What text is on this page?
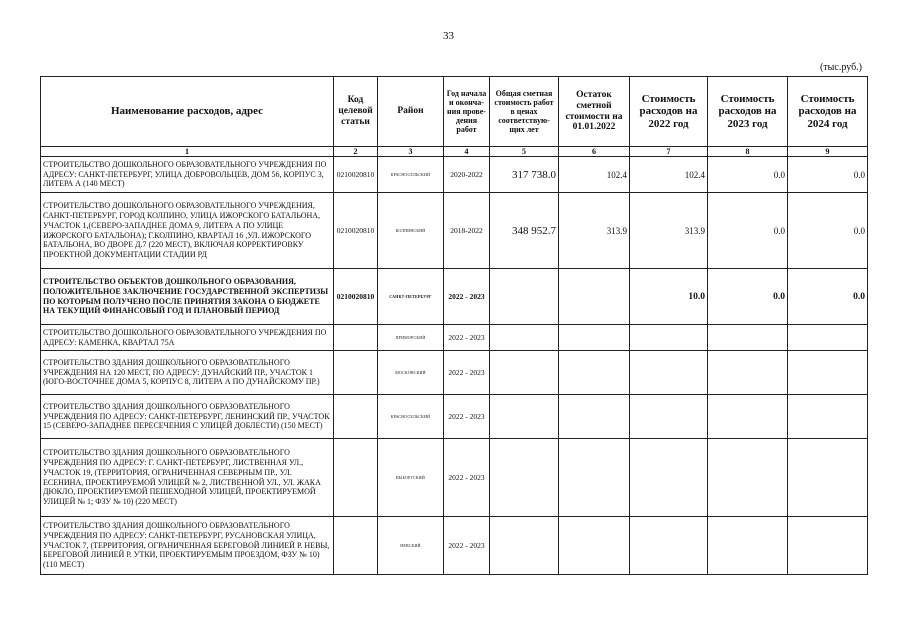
33
(тыс.руб.)
Наименование расходов, адрес	Код целевой статьи	Район	Год начала и оконча-ния прове-дения работ	Общая сметная стоимость работ в ценах соответствую-щих лет	Остаток сметной стоимости на 01.01.2022	Стоимость расходов на 2022 год	Стоимость расходов на 2023 год	Стоимость расходов на 2024 год
1	2	3	4	5	6	7	8	9
СТРОИТЕЛЬСТВО ДОШКОЛЬНОГО ОБРАЗОВАТЕЛЬНОГО УЧРЕЖДЕНИЯ ПО АДРЕСУ: САНКТ-ПЕТЕРБУРГ, УЛИЦА ДОБРОВОЛЬЦЕВ, ДОМ 56, КОРПУС 3, ЛИТЕРА А (140 МЕСТ)	0210020810	КРАСНОСЕЛЬСКИЙ	2020-2022	317 738.0	102.4	102.4	0.0	0.0
СТРОИТЕЛЬСТВО ДОШКОЛЬНОГО ОБРАЗОВАТЕЛЬНОГО УЧРЕЖДЕНИЯ, САНКТ-ПЕТЕРБУРГ, ГОРОД КОЛПИНО, УЛИЦА ИЖОРСКОГО БАТАЛЬОНА, УЧАСТОК 1,(СЕВЕРО-ЗАПАДНЕЕ ДОМА 9, ЛИТЕРА А ПО УЛИЦЕ ИЖОРСКОГО БАТАЛЬОНА); Г.КОЛПИНО, КВАРТАЛ 16 ,УЛ. ИЖОРСКОГО БАТАЛЬОНА, ВО ДВОРЕ Д.7 (220 МЕСТ), ВКЛЮЧАЯ КОРРЕКТИРОВКУ ПРОЕКТНОЙ ДОКУМЕНТАЦИИ СТАДИИ РД	0210020810	КОЛПИНСКИЙ	2018-2022	348 952.7	313.9	313.9	0.0	0.0
СТРОИТЕЛЬСТВО ОБЪЕКТОВ ДОШКОЛЬНОГО ОБРАЗОВАНИЯ, ПОЛОЖИТЕЛЬНОЕ ЗАКЛЮЧЕНИЕ ГОСУДАРСТВЕННОЙ ЭКСПЕРТИЗЫ ПО КОТОРЫМ ПОЛУЧЕНО ПОСЛЕ ПРИНЯТИЯ ЗАКОНА О БЮДЖЕТЕ НА ТЕКУЩИЙ ФИНАНСОВЫЙ ГОД И ПЛАНОВЫЙ ПЕРИОД	0210020810	САНКТ-ПЕТЕРБУРГ	2022 - 2023			10.0	0.0	0.0
СТРОИТЕЛЬСТВО ДОШКОЛЬНОГО ОБРАЗОВАТЕЛЬНОГО УЧРЕЖДЕНИЯ ПО АДРЕСУ: КАМЕНКА, КВАРТАЛ 75А		ПРИМОРСКИЙ	2022 - 2023					
СТРОИТЕЛЬСТВО ЗДАНИЯ ДОШКОЛЬНОГО ОБРАЗОВАТЕЛЬНОГО УЧРЕЖДЕНИЯ НА 120 МЕСТ, ПО АДРЕСУ: ДУНАЙСКИЙ ПР., УЧАСТОК 1 (ЮГО-ВОСТОЧНЕЕ ДОМА 5, КОРПУС 8, ЛИТЕРА А ПО ДУНАЙСКОМУ ПР.)		МОСКОВСКИЙ	2022 - 2023					
СТРОИТЕЛЬСТВО ЗДАНИЯ ДОШКОЛЬНОГО ОБРАЗОВАТЕЛЬНОГО УЧРЕЖДЕНИЯ ПО АДРЕСУ: САНКТ-ПЕТЕРБУРГ, ЛЕНИНСКИЙ ПР., УЧАСТОК 15 (СЕВЕРО-ЗАПАДНЕЕ ПЕРЕСЕЧЕНИЯ С УЛИЦЕЙ ДОБЛЕСТИ) (150 МЕСТ)		КРАСНОСЕЛЬСКИЙ	2022 - 2023					
СТРОИТЕЛЬСТВО ЗДАНИЯ ДОШКОЛЬНОГО ОБРАЗОВАТЕЛЬНОГО УЧРЕЖДЕНИЯ ПО АДРЕСУ: Г. САНКТ-ПЕТЕРБУРГ, ЛИСТВЕННАЯ УЛ., УЧАСТОК 19, (ТЕРРИТОРИЯ, ОГРАНИЧЕННАЯ СЕВЕРНЫМ ПР., УЛ. ЕСЕНИНА, ПРОЕКТИРУЕМОЙ УЛИЦЕЙ № 2, ЛИСТВЕННОЙ УЛ., УЛ. ЖАКА ДЮКЛО, ПРОЕКТИРУЕМОЙ ПЕШЕХОДНОЙ УЛИЦЕЙ, ПРОЕКТИРУЕМОЙ УЛИЦЕЙ № 1; ФЗУ № 10) (220 МЕСТ)		ВЫБОРГСКИЙ	2022 - 2023					
СТРОИТЕЛЬСТВО ЗДАНИЯ ДОШКОЛЬНОГО ОБРАЗОВАТЕЛЬНОГО УЧРЕЖДЕНИЯ ПО АДРЕСУ: САНКТ-ПЕТЕРБУРГ, РУСАНОВСКАЯ УЛИЦА, УЧАСТОК 7, (ТЕРРИТОРИЯ, ОГРАНИЧЕННАЯ БЕРЕГОВОЙ ЛИНИЕЙ Р. НЕВЫ, БЕРЕГОВОЙ ЛИНИЕЙ Р. УТКИ, ПРОЕКТИРУЕМЫМ ПРОЕЗДОМ, ФЗУ № 10) (110 МЕСТ)		НЕВСКИЙ	2022 - 2023					
